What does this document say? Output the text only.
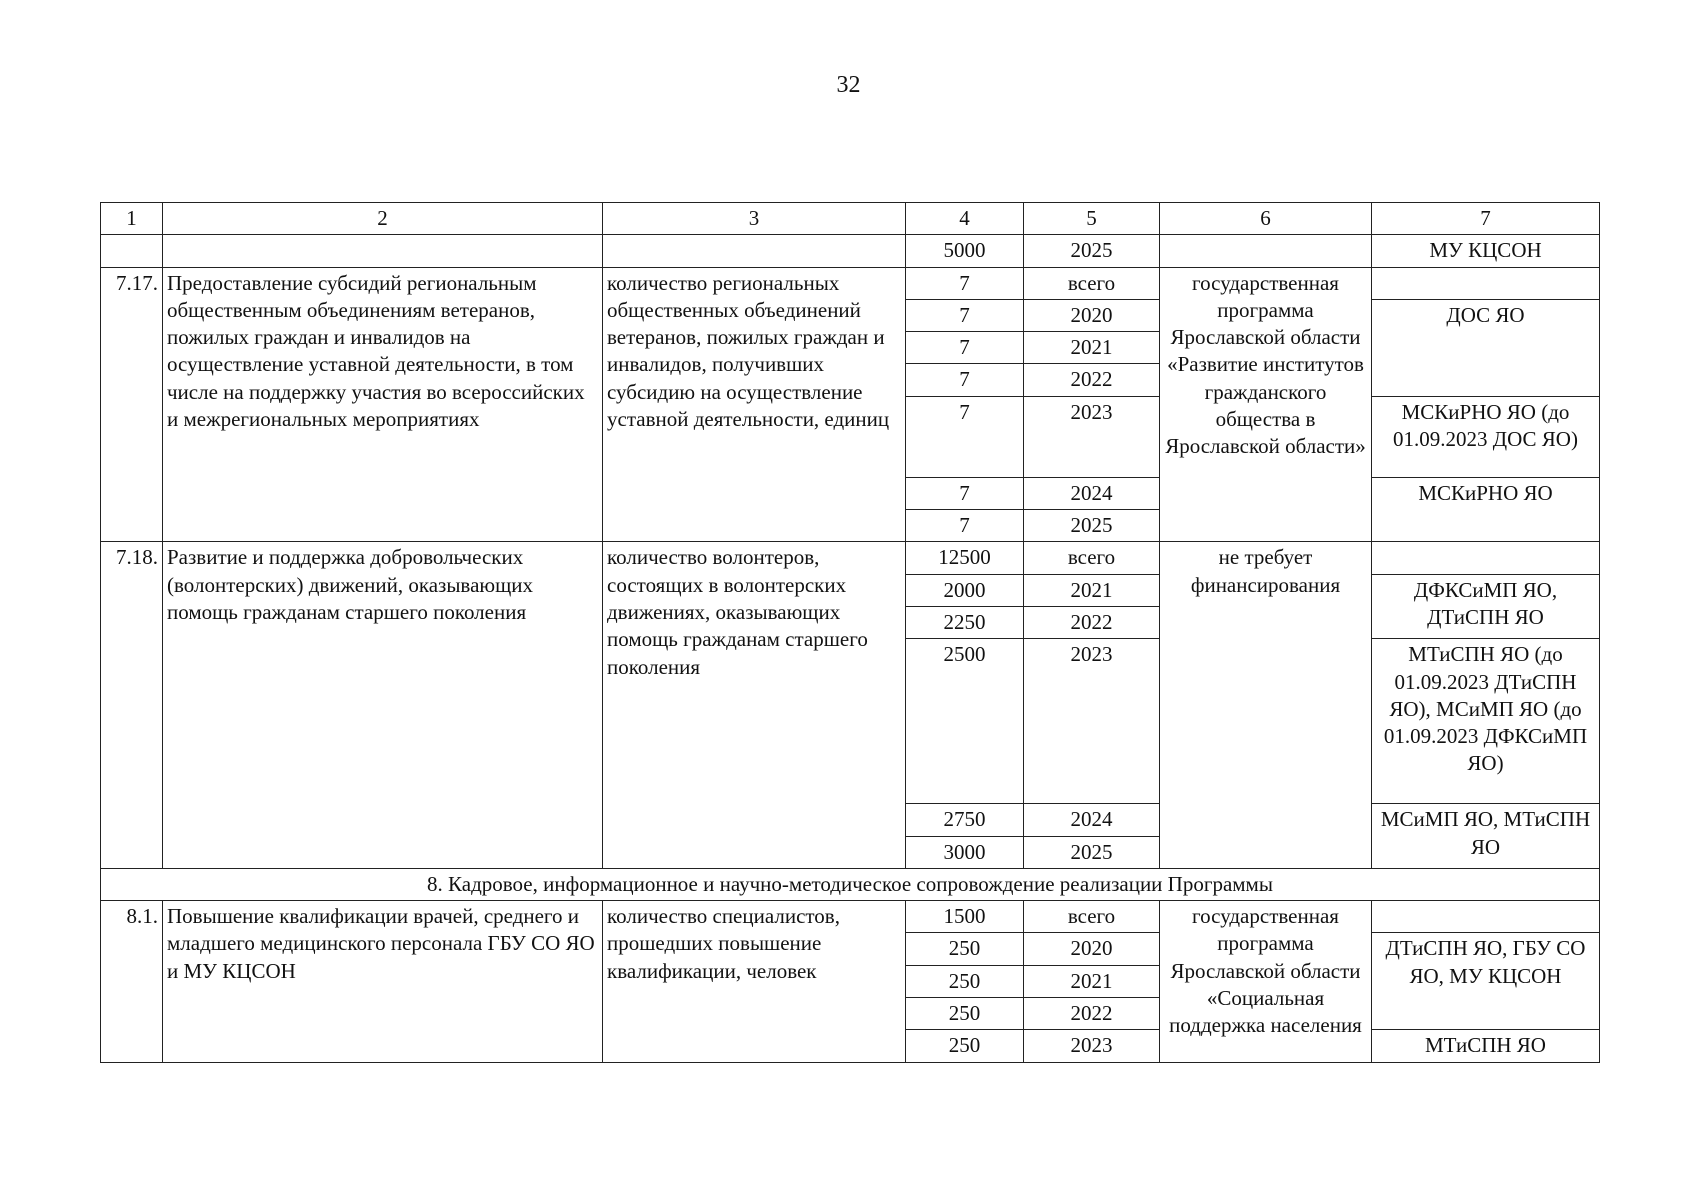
32
1	2	3	4	5	6	7
			5000	2025		МУ КЦСОН
7.17.	Предоставление субсидий региональным общественным объединениям ветеранов, пожилых граждан и инвалидов на осуществление уставной деятельности, в том числе на поддержку участия во всероссийских и межрегиональных мероприятиях	количество региональных общественных объединений ветеранов, пожилых граждан и инвалидов, получивших субсидию на осуществление уставной деятельности, единиц	7	всего	государственная программа Ярославской области «Развитие институтов гражданского общества в Ярославской области»	
			7	2020		ДОС ЯО
			7	2021		
			7	2022		
			7	2023		МСКиРНО ЯО (до 01.09.2023 ДОС ЯО)
			7	2024		МСКиРНО ЯО
			7	2025		
7.18.	Развитие и поддержка добровольческих (волонтерских) движений, оказывающих помощь гражданам старшего поколения	количество волонтеров, состоящих в волонтерских движениях, оказывающих помощь гражданам старшего поколения	12500	всего	не требует финансирования	
			2000	2021		ДФКСиМП ЯО, ДТиСПН ЯО
			2250	2022		
			2500	2023		МТиСПН ЯО (до 01.09.2023 ДТиСПН ЯО), МСиМП ЯО (до 01.09.2023 ДФКСиМП ЯО)
			2750	2024		МСиМП ЯО, МТиСПН ЯО
			3000	2025		
8. Кадровое, информационное и научно-методическое сопровождение реализации Программы						
8.1.	Повышение квалификации врачей, среднего и младшего медицинского персонала ГБУ СО ЯО и МУ КЦСОН	количество специалистов, прошедших повышение квалификации, человек	1500	всего	государственная программа Ярославской области «Социальная поддержка населения	
			250	2020		ДТиСПН ЯО, ГБУ СО ЯО, МУ КЦСОН
			250	2021		
			250	2022		
			250	2023		МТиСПН ЯО
